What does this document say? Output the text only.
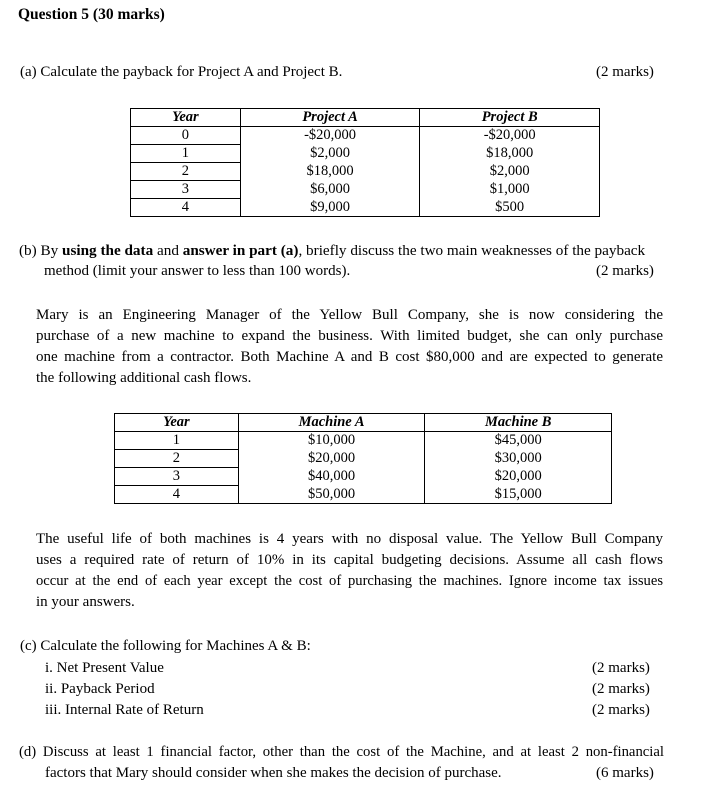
Question 5 (30 marks)
(a) Calculate the payback for Project A and Project B.	(2 marks)
Year	Project A	Project B
0	-$20,000	-$20,000
1	$2,000	$18,000
2	$18,000	$2,000
3	$6,000	$1,000
4	$9,000	$500
(b) By using the data and answer in part (a), briefly discuss the two main weaknesses of the payback
method (limit your answer to less than 100 words).	(2 marks)
Mary is an Engineering Manager of the Yellow Bull Company, she is now considering the
purchase of a new machine to expand the business. With limited budget, she can only purchase
one machine from a contractor. Both Machine A and B cost $80,000 and are expected to generate
the following additional cash flows.
Year	Machine A	Machine B
1	$10,000	$45,000
2	$20,000	$30,000
3	$40,000	$20,000
4	$50,000	$15,000
The useful life of both machines is 4 years with no disposal value. The Yellow Bull Company
uses a required rate of return of 10% in its capital budgeting decisions. Assume all cash flows
occur at the end of each year except the cost of purchasing the machines. Ignore income tax issues
in your answers.
(c) Calculate the following for Machines A & B:
i. Net Present Value	(2 marks)
ii. Payback Period	(2 marks)
iii. Internal Rate of Return	(2 marks)
(d) Discuss at least 1 financial factor, other than the cost of the Machine, and at least 2 non-financial
factors that Mary should consider when she makes the decision of purchase.	(6 marks)
